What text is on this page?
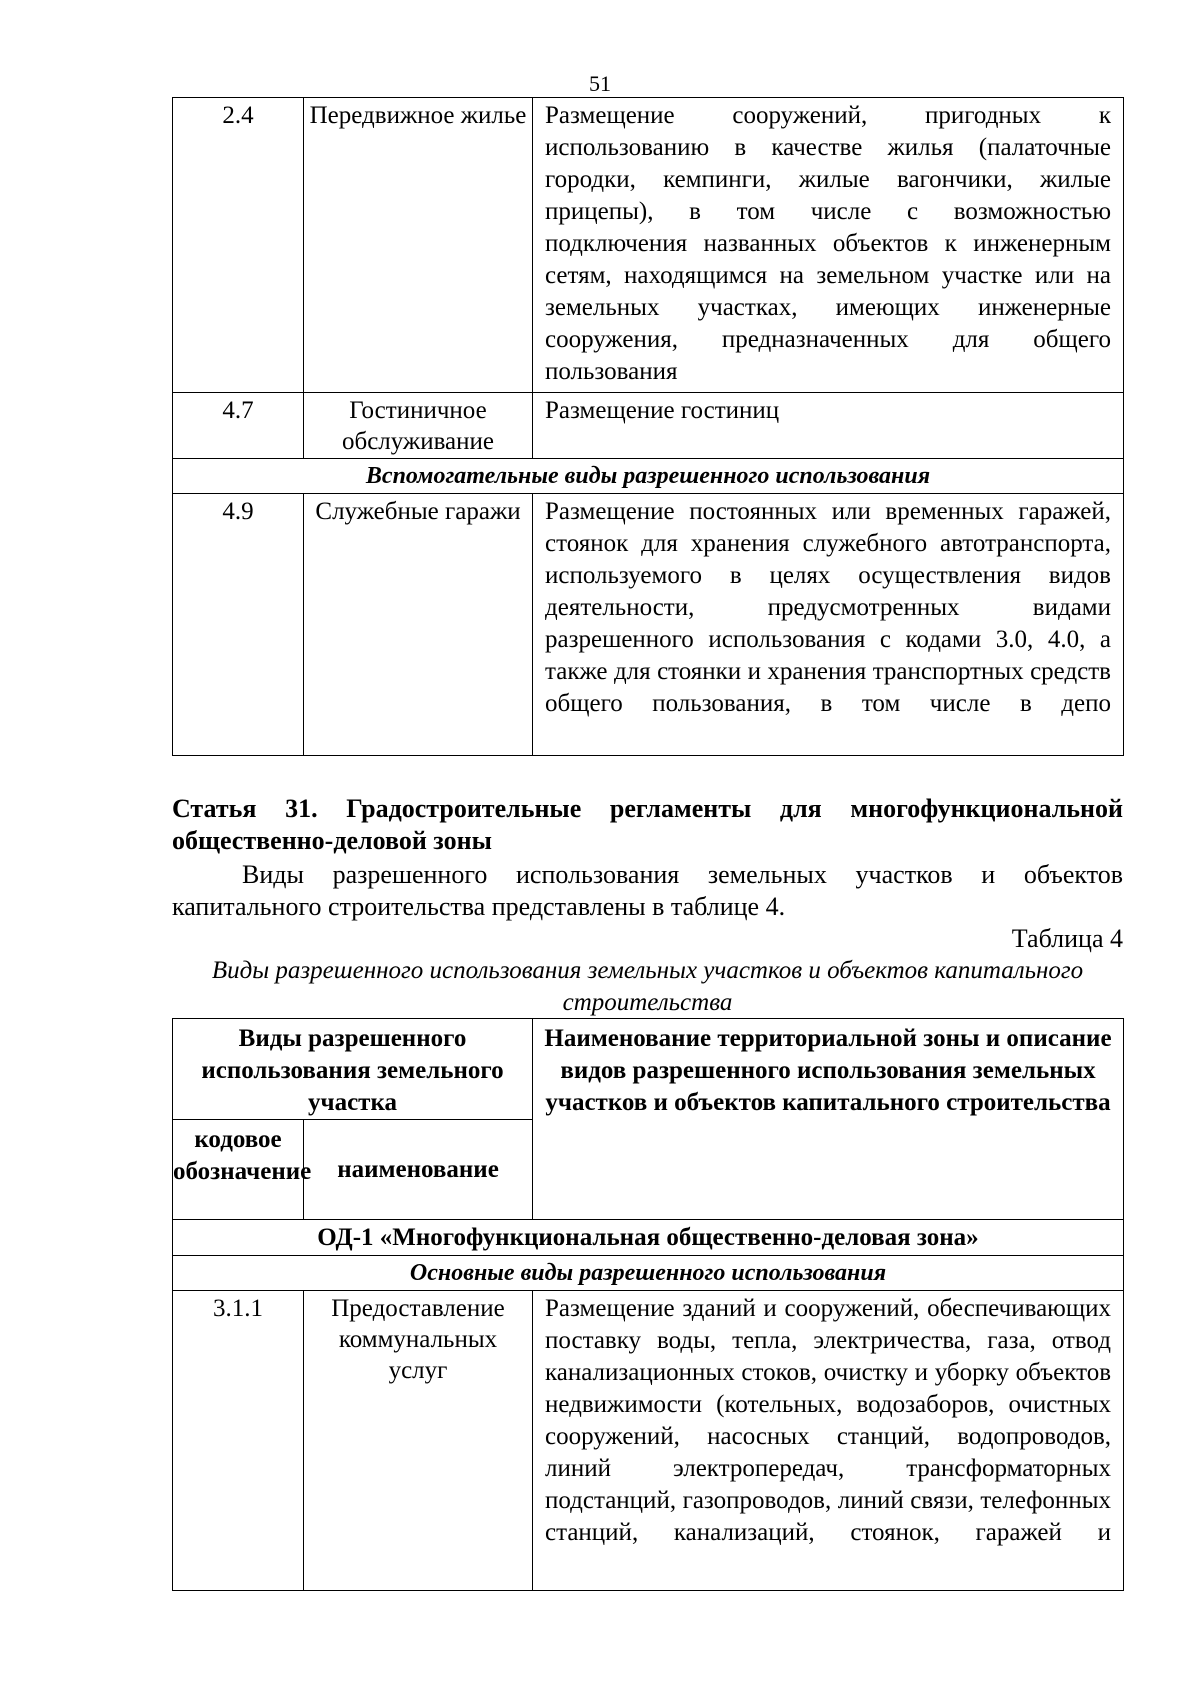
51
2.4	Передвижное жилье	Размещение сооружений, пригодных к использованию в качестве жилья (палаточные городки, кемпинги, жилые вагончики, жилые прицепы), в том числе с возможностью подключения названных объектов к инженерным сетям, находящимся на земельном участке или на земельных участках, имеющих инженерные сооружения, предназначенных для общего пользования
4.7	Гостиничное обслуживание	Размещение гостиниц
Вспомогательные виды разрешенного использования		
4.9	Служебные гаражи	Размещение постоянных или временных гаражей, стоянок для хранения служебного автотранспорта, используемого в целях осуществления видов деятельности, предусмотренных видами разрешенного использования с кодами 3.0, 4.0, а также для стоянки и хранения транспортных средств общего пользования, в том числе в депо
Статья 31. Градостроительные регламенты для многофункциональной общественно-деловой зоны
Виды разрешенного использования земельных участков и объектов капитального строительства представлены в таблице 4.
Таблица 4
Виды разрешенного использования земельных участков и объектов капитального строительства
Виды разрешенного использования земельного участка		Наименование территориальной зоны и описание видов разрешенного использования земельных участков и объектов капитального строительства
кодовое обозначение	наименование	
ОД-1 «Многофункциональная общественно-деловая зона»		
Основные виды разрешенного использования		
3.1.1	Предоставление коммунальных услуг	Размещение зданий и сооружений, обеспечивающих поставку воды, тепла, электричества, газа, отвод канализационных стоков, очистку и уборку объектов недвижимости (котельных, водозаборов, очистных сооружений, насосных станций, водопроводов, линий электропередач, трансформаторных подстанций, газопроводов, линий связи, телефонных станций, канализаций, стоянок, гаражей и
